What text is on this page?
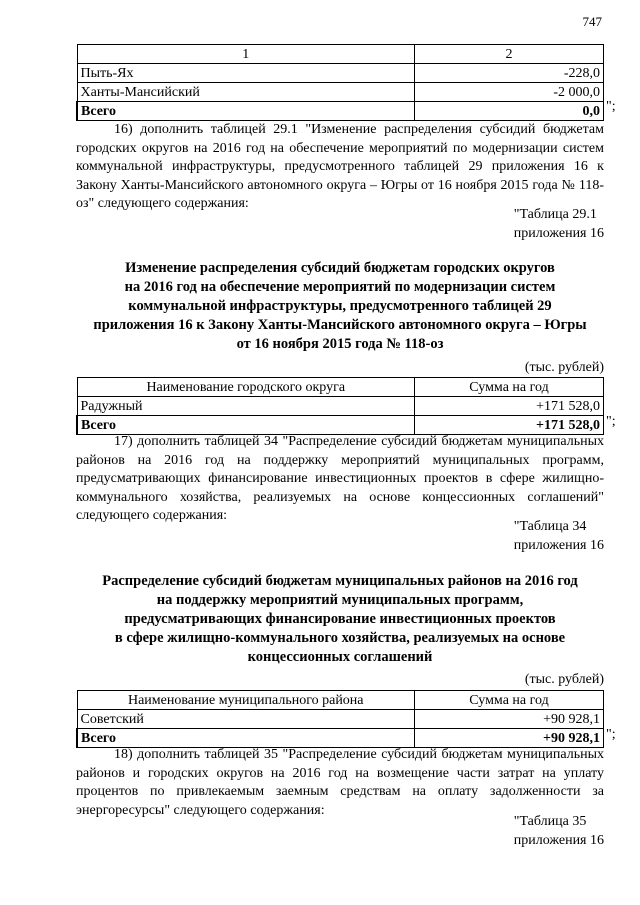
747
1	2
Пыть-Ях	-228,0
Ханты-Мансийский	-2 000,0
Всего	0,0 ";
16) дополнить таблицей 29.1 "Изменение распределения субсидий бюджетам городских округов на 2016 год на обеспечение мероприятий по модернизации систем коммунальной инфраструктуры, предусмотренного таблицей 29 приложения 16 к Закону Ханты-Мансийского автономного округа – Югры от 16 ноября 2015 года № 118-оз" следующего содержания:
"Таблица 29.1
приложения 16
Изменение распределения субсидий бюджетам городских округов
на 2016 год на обеспечение мероприятий по модернизации систем
коммунальной инфраструктуры, предусмотренного таблицей 29
приложения 16 к Закону Ханты-Мансийского автономного округа – Югры
от 16 ноября 2015 года № 118-оз
(тыс. рублей)
Наименование городского округа	Сумма на год
Радужный	+171 528,0
Всего	+171 528,0 ";
17) дополнить таблицей 34 "Распределение субсидий бюджетам муниципальных районов на 2016 год на поддержку мероприятий муниципальных программ, предусматривающих финансирование инвестиционных проектов в сфере жилищно-коммунального хозяйства, реализуемых на основе концессионных соглашений" следующего содержания:
"Таблица 34
приложения 16
Распределение субсидий бюджетам муниципальных районов на 2016 год
на поддержку мероприятий муниципальных программ,
предусматривающих финансирование инвестиционных проектов
в сфере жилищно-коммунального хозяйства, реализуемых на основе
концессионных соглашений
(тыс. рублей)
Наименование муниципального района	Сумма на год
Советский	+90 928,1
Всего	+90 928,1 ";
18) дополнить таблицей 35 "Распределение субсидий бюджетам муниципальных районов и городских округов на 2016 год на возмещение части затрат на уплату процентов по привлекаемым заемным средствам на оплату задолженности за энергоресурсы" следующего содержания:
"Таблица 35
приложения 16
